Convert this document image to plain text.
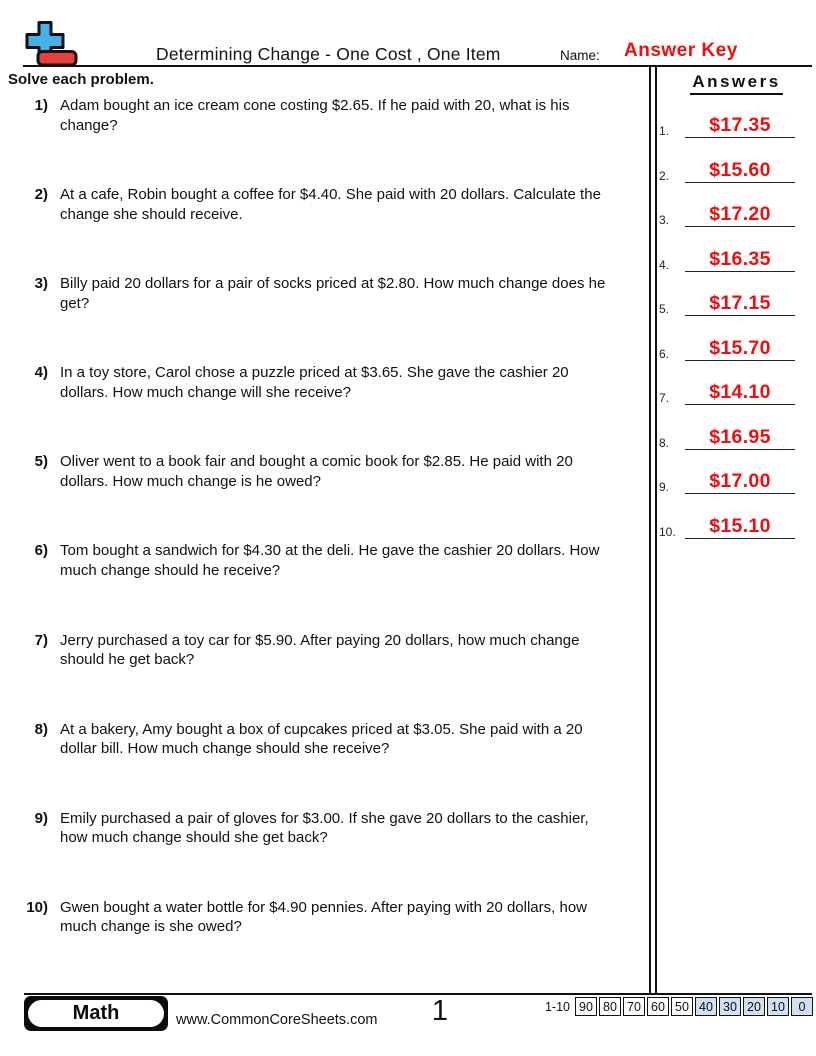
Determining Change - One Cost , One Item	Name: Answer Key
Solve each problem.
1) Adam bought an ice cream cone costing $2.65. If he paid with 20, what is his change?
2) At a cafe, Robin bought a coffee for $4.40. She paid with 20 dollars. Calculate the change she should receive.
3) Billy paid 20 dollars for a pair of socks priced at $2.80. How much change does he get?
4) In a toy store, Carol chose a puzzle priced at $3.65. She gave the cashier 20 dollars. How much change will she receive?
5) Oliver went to a book fair and bought a comic book for $2.85. He paid with 20 dollars. How much change is he owed?
6) Tom bought a sandwich for $4.30 at the deli. He gave the cashier 20 dollars. How much change should he receive?
7) Jerry purchased a toy car for $5.90. After paying 20 dollars, how much change should he get back?
8) At a bakery, Amy bought a box of cupcakes priced at $3.05. She paid with a 20 dollar bill. How much change should she receive?
9) Emily purchased a pair of gloves for $3.00. If she gave 20 dollars to the cashier, how much change should she get back?
10) Gwen bought a water bottle for $4.90 pennies. After paying with 20 dollars, how much change is she owed?
Answers
1.	$17.35
2.	$15.60
3.	$17.20
4.	$16.35
5.	$17.15
6.	$15.70
7.	$14.10
8.	$16.95
9.	$17.00
10.	$15.10
Math	www.CommonCoreSheets.com	1	1-10 90 80 70 60 50 40 30 20 10	0
